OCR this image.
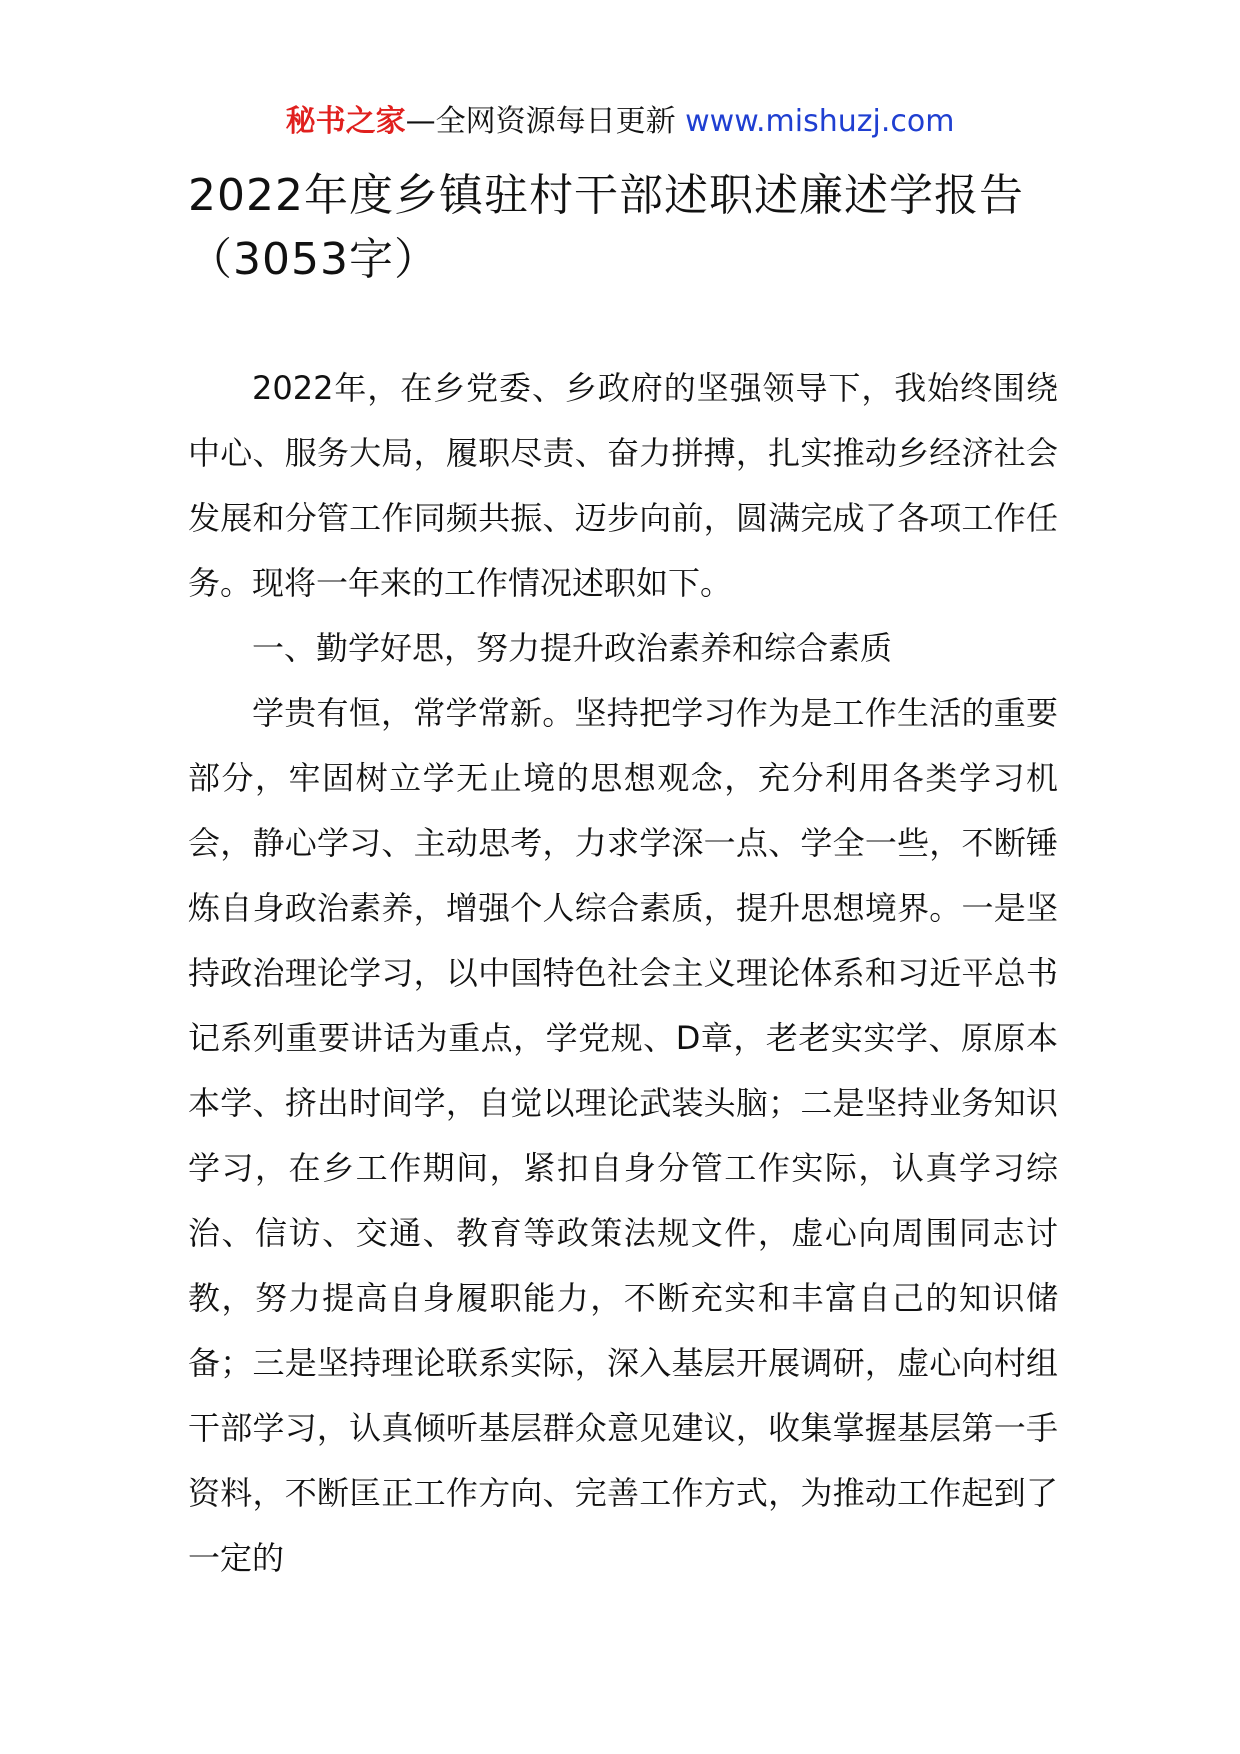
秘书之家—全网资源每日更新 www.mishuzj.com
2022年度乡镇驻村干部述职述廉述学报告
（3053字）

2022年，在乡党委、乡政府的坚强领导下，我始终围绕中心、服务大局，履职尽责、奋力拼搏，扎实推动乡经济社会发展和分管工作同频共振、迈步向前，圆满完成了各项工作任务。现将一年来的工作情况述职如下。

一、勤学好思，努力提升政治素养和综合素质

学贵有恒，常学常新。坚持把学习作为是工作生活的重要部分，牢固树立学无止境的思想观念，充分利用各类学习机会，静心学习、主动思考，力求学深一点、学全一些，不断锤炼自身政治素养，增强个人综合素质，提升思想境界。一是坚持政治理论学习，以中国特色社会主义理论体系和习近平总书记系列重要讲话为重点，学党规、D章，老老实实学、原原本本学、挤出时间学，自觉以理论武装头脑；二是坚持业务知识学习，在乡工作期间，紧扣自身分管工作实际，认真学习综治、信访、交通、教育等政策法规文件，虚心向周围同志讨教，努力提高自身履职能力，不断充实和丰富自己的知识储备；三是坚持理论联系实际，深入基层开展调研，虚心向村组干部学习，认真倾听基层群众意见建议，收集掌握基层第一手资料，不断匡正工作方向、完善工作方式，为推动工作起到了一定的
